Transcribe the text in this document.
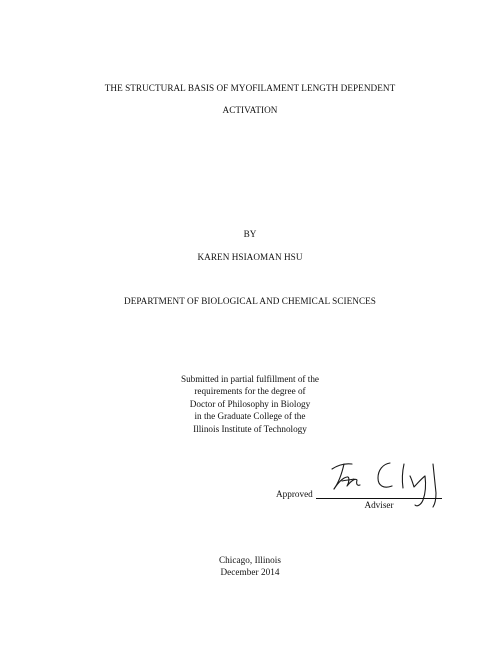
THE STRUCTURAL BASIS OF MYOFILAMENT LENGTH DEPENDENT
ACTIVATION
BY
KAREN HSIAOMAN HSU
DEPARTMENT OF BIOLOGICAL AND CHEMICAL SCIENCES
Submitted in partial fulfillment of the
requirements for the degree of
Doctor of Philosophy in Biology
in the Graduate College of the
Illinois Institute of Technology
Approved
Adviser
Chicago, Illinois
December 2014
